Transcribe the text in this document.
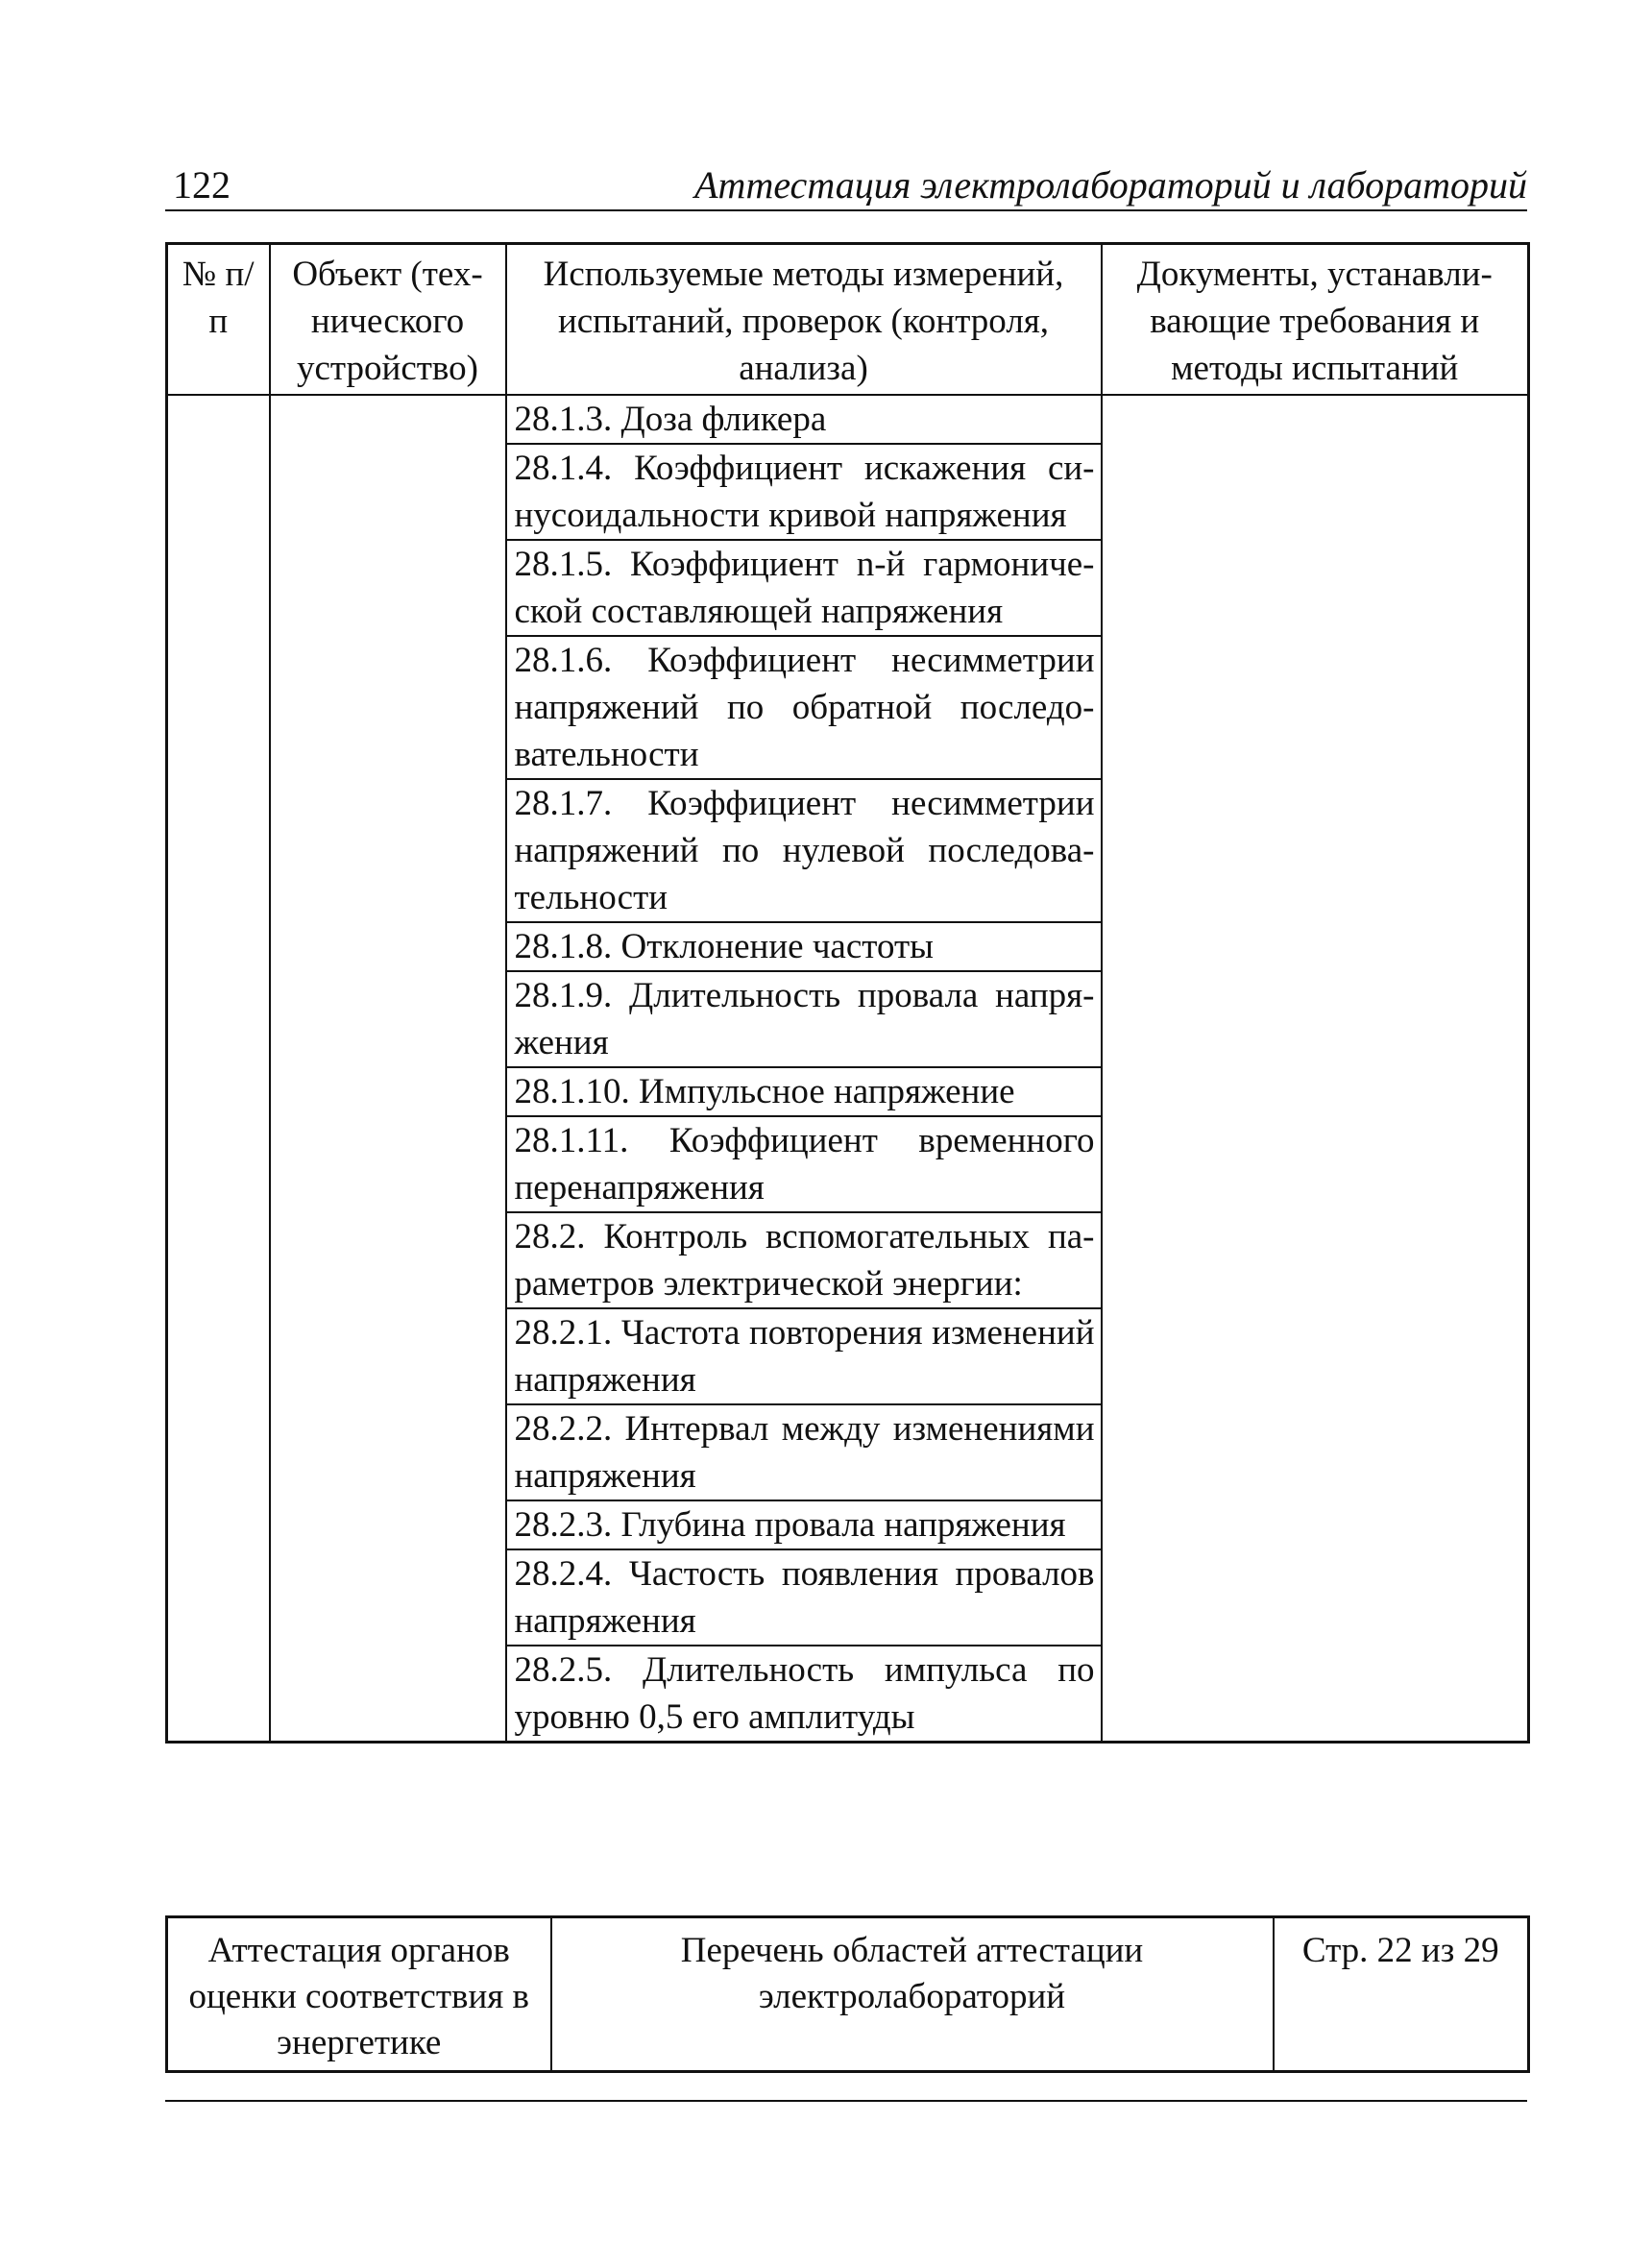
122	Аттестация электролабораторий и лабораторий
№ п/п	Объект (технического устройство)	Используемые методы измерений, испытаний, проверок (контроля, анализа)	Документы, устанавливающие требования и методы испытаний
		28.1.3. Доза фликера	
		28.1.4. Коэффициент искажения синусоидальности кривой напряжения	
		28.1.5. Коэффициент n-й гармонической составляющей напряжения	
		28.1.6. Коэффициент несимметрии напряжений по обратной последовательности	
		28.1.7. Коэффициент несимметрии напряжений по нулевой последовательности	
		28.1.8. Отклонение частоты	
		28.1.9. Длительность провала напряжения	
		28.1.10. Импульсное напряжение	
		28.1.11. Коэффициент временного перенапряжения	
		28.2. Контроль вспомогательных параметров электрической энергии:	
		28.2.1. Частота повторения изменений напряжения	
		28.2.2. Интервал между изменениями напряжения	
		28.2.3. Глубина провала напряжения	
		28.2.4. Частость появления провалов напряжения	
		28.2.5. Длительность импульса по уровню 0,5 его амплитуды	
Аттестация органов оценки соответствия в энергетике	Перечень областей аттестации электролабораторий	Стр. 22 из 29
